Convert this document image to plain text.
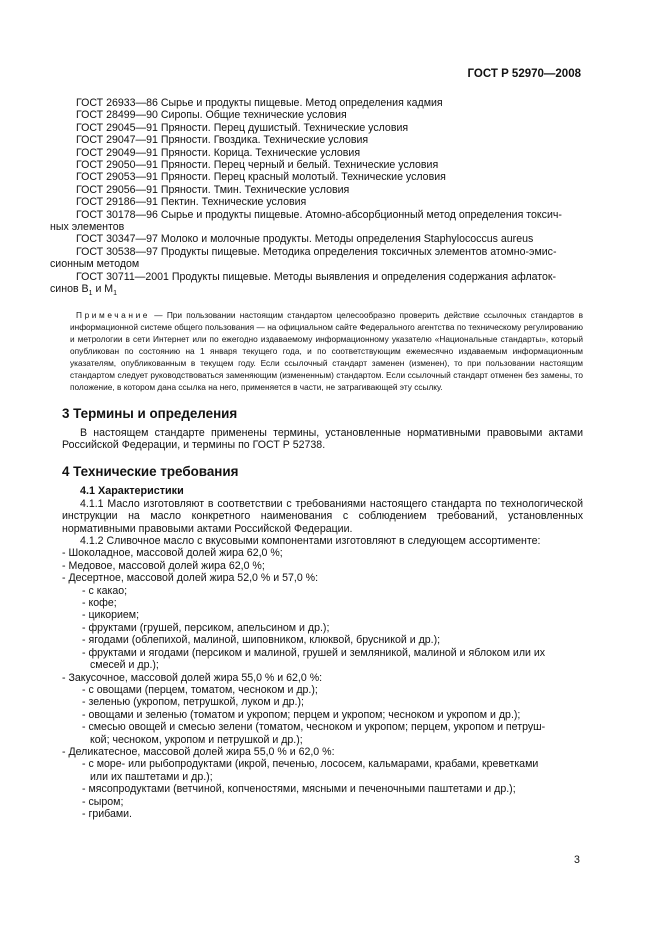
ГОСТ Р 52970—2008
ГОСТ 26933—86 Сырье и продукты пищевые. Метод определения кадмия
ГОСТ 28499—90 Сиропы. Общие технические условия
ГОСТ 29045—91 Пряности. Перец душистый. Технические условия
ГОСТ 29047—91 Пряности. Гвоздика. Технические условия
ГОСТ 29049—91 Пряности. Корица. Технические условия
ГОСТ 29050—91 Пряности. Перец черный и белый. Технические условия
ГОСТ 29053—91 Пряности. Перец красный молотый. Технические условия
ГОСТ 29056—91 Пряности. Тмин. Технические условия
ГОСТ 29186—91 Пектин. Технические условия
ГОСТ 30178—96 Сырье и продукты пищевые. Атомно-абсорбционный метод определения токсич-
ных элементов
ГОСТ 30347—97 Молоко и молочные продукты. Методы определения Staphylococcus aureus
ГОСТ 30538—97 Продукты пищевые. Методика определения токсичных элементов атомно-эмис-
сионным методом
ГОСТ 30711—2001 Продукты пищевые. Методы выявления и определения содержания афлаток-
синов $B_1$ и $M_1$
Примечание — При пользовании настоящим стандартом целесообразно проверить действие ссылочных стандартов в информационной системе общего пользования — на официальном сайте Федерального агентства по техническому регулированию и метрологии в сети Интернет или по ежегодно издаваемому информационному указателю «Национальные стандарты», который опубликован по состоянию на 1 января текущего года, и по соответствующим ежемесячно издаваемым информационным указателям, опубликованным в текущем году. Если ссылочный стандарт заменен (изменен), то при пользовании настоящим стандартом следует руководствоваться заменяющим (измененным) стандартом. Если ссылочный стандарт отменен без замены, то положение, в котором дана ссылка на него, применяется в части, не затрагивающей эту ссылку.
3 Термины и определения
В настоящем стандарте применены термины, установленные нормативными правовыми актами Российской Федерации, и термины по ГОСТ Р 52738.
4 Технические требования
4.1 Характеристики
4.1.1 Масло изготовляют в соответствии с требованиями настоящего стандарта по технологической инструкции на масло конкретного наименования с соблюдением требований, установленных нормативными правовыми актами Российской Федерации.
4.1.2 Сливочное масло с вкусовыми компонентами изготовляют в следующем ассортименте:
- Шоколадное, массовой долей жира 62,0 %;
- Медовое, массовой долей жира 62,0 %;
- Десертное, массовой долей жира 52,0 % и 57,0 %:
- с какао;
- кофе;
- цикорием;
- фруктами (грушей, персиком, апельсином и др.);
- ягодами (облепихой, малиной, шиповником, клюквой, брусникой и др.);
- фруктами и ягодами (персиком и малиной, грушей и земляникой, малиной и яблоком или их
смесей и др.);
- Закусочное, массовой долей жира 55,0 % и 62,0 %:
- с овощами (перцем, томатом, чесноком и др.);
- зеленью (укропом, петрушкой, луком и др.);
- овощами и зеленью (томатом и укропом; перцем и укропом; чесноком и укропом и др.);
- смесью овощей и смесью зелени (томатом, чесноком и укропом; перцем, укропом и петруш-
кой; чесноком, укропом и петрушкой и др.);
- Деликатесное, массовой долей жира 55,0 % и 62,0 %:
- с море- или рыбопродуктами (икрой, печенью, лососем, кальмарами, крабами, креветками
или их паштетами и др.);
- мясопродуктами (ветчиной, копченостями, мясными и печеночными паштетами и др.);
- сыром;
- грибами.
3
